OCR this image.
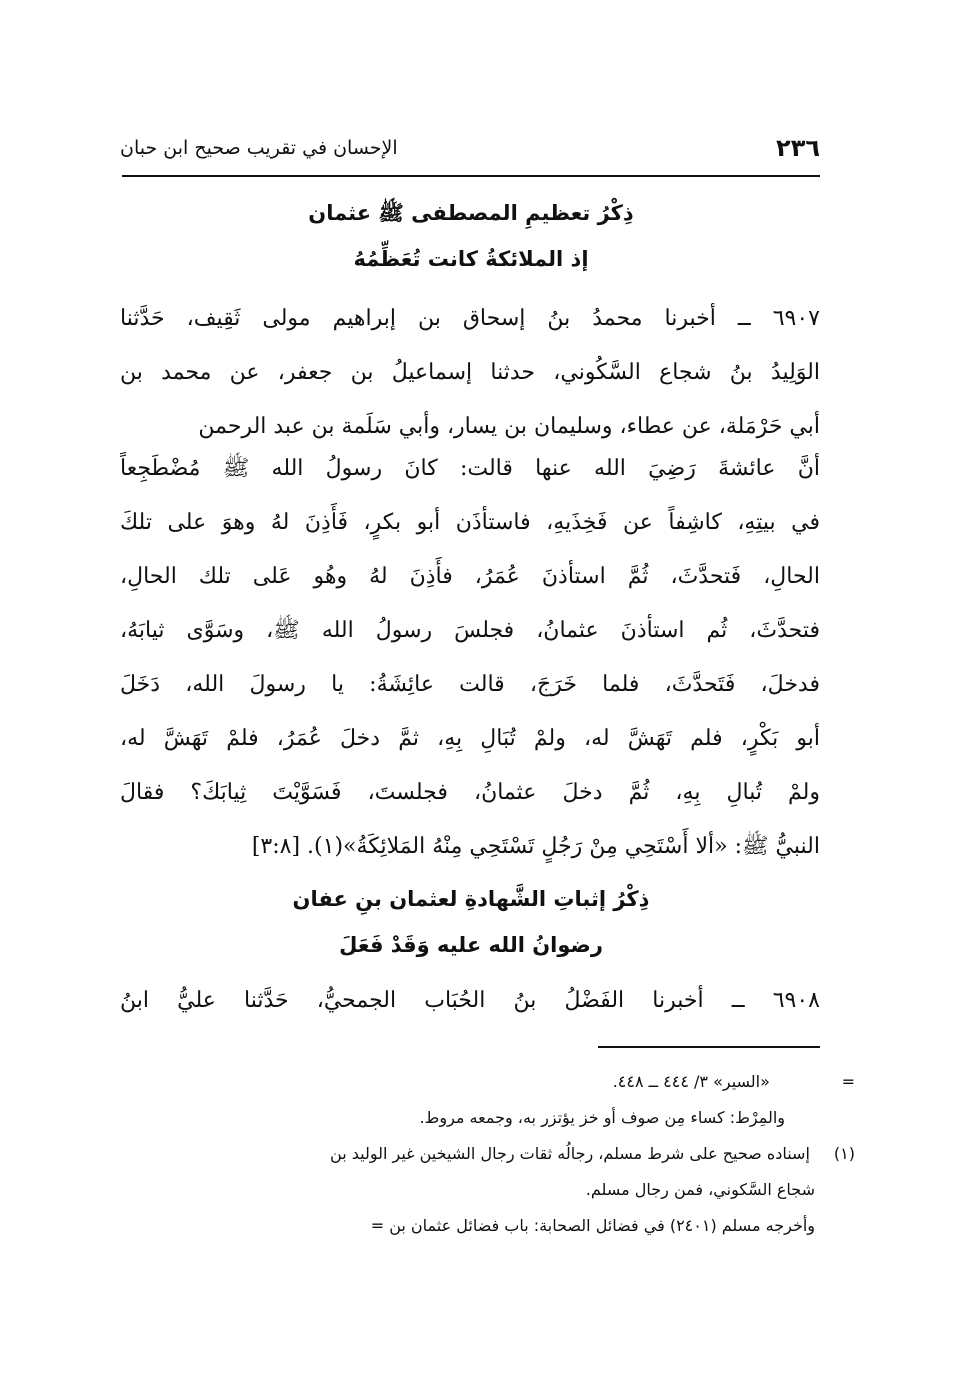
٢٣٦
الإحسان في تقريب صحيح ابن حبان
ذِكْرُ تعظيمِ المصطفى ﷺ عثمان
إذ الملائكةُ كانت تُعَظِّمُهُ
٦٩٠٧ ــ أخبرنا محمدُ بنُ إسحاق بن إبراهيم مولى ثَقِيف، حَدَّثنا
الوَلِيدُ بنُ شجاع السَّكُوني، حدثنا إسماعيلُ بن جعفر، عن محمد بن
أبي حَرْمَلة، عن عطاء، وسليمان بن يسار، وأبي سَلَمة بن عبد الرحمن
أنَّ عائشةَ رَضِيَ الله عنها قالت: كانَ رسولُ الله ﷺ مُضْطَجِعاً
في بيتِهِ، كاشِفاً عن فَخِذَيهِ، فاستأذَن أبو بكرٍ، فَأَذِنَ لهُ وهوَ على تلكَ
الحالِ، فَتحدَّثَ، ثُمَّ استأذنَ عُمَرُ، فأَذِنَ لهُ وهُو عَلى تلك الحالِ،
فتحدَّثَ، ثُم استأذنَ عثمانُ، فجلسَ رسولُ الله ﷺ، وسَوَّى ثيابَهُ،
فدخلَ، فَتَحدَّثَ، فلما خَرَجَ، قالت عائِشَةُ: يا رسولَ الله، دَخَلَ
أبو بَكْرٍ، فلم تَهَشَّ له، ولمْ تُبَالِ بِهِ، ثمَّ دخلَ عُمَرُ، فلمْ تَهَشَّ له،
ولمْ تُبالِ بِهِ، ثُمَّ دخلَ عثمانُ، فجلستَ، فَسَوَّيْتَ ثِيابَكَ؟ فقالَ
النبيُّ ﷺ: «ألا أَسْتَحِي مِنْ رَجُلٍ تَسْتَحِي مِنْهُ المَلائِكَةُ»(١). [٣:٨]
ذِكْرُ إثباتِ الشَّهادةِ لعثمان بنِ عفان
رضوانُ الله عليه وَقَدْ فَعَلَ
٦٩٠٨ ــ أخبرنا الفَضْلُ بنُ الحُبَاب الجمحيُّ، حَدَّثنا عليُّ ابنُ
= «السير» ٣/ ٤٤٤ ــ ٤٤٨.
والمِرْط: كساء مِن صوف أو خز يؤتزر به، وجمعه مروط.
(١) إسناده صحيح على شرط مسلم، رجالُه ثقات رجال الشيخين غير الوليد بن
شجاع السَّكوني، فمن رجال مسلم.
وأخرجه مسلم (٢٤٠١) في فضائل الصحابة: باب فضائل عثمان بن =
